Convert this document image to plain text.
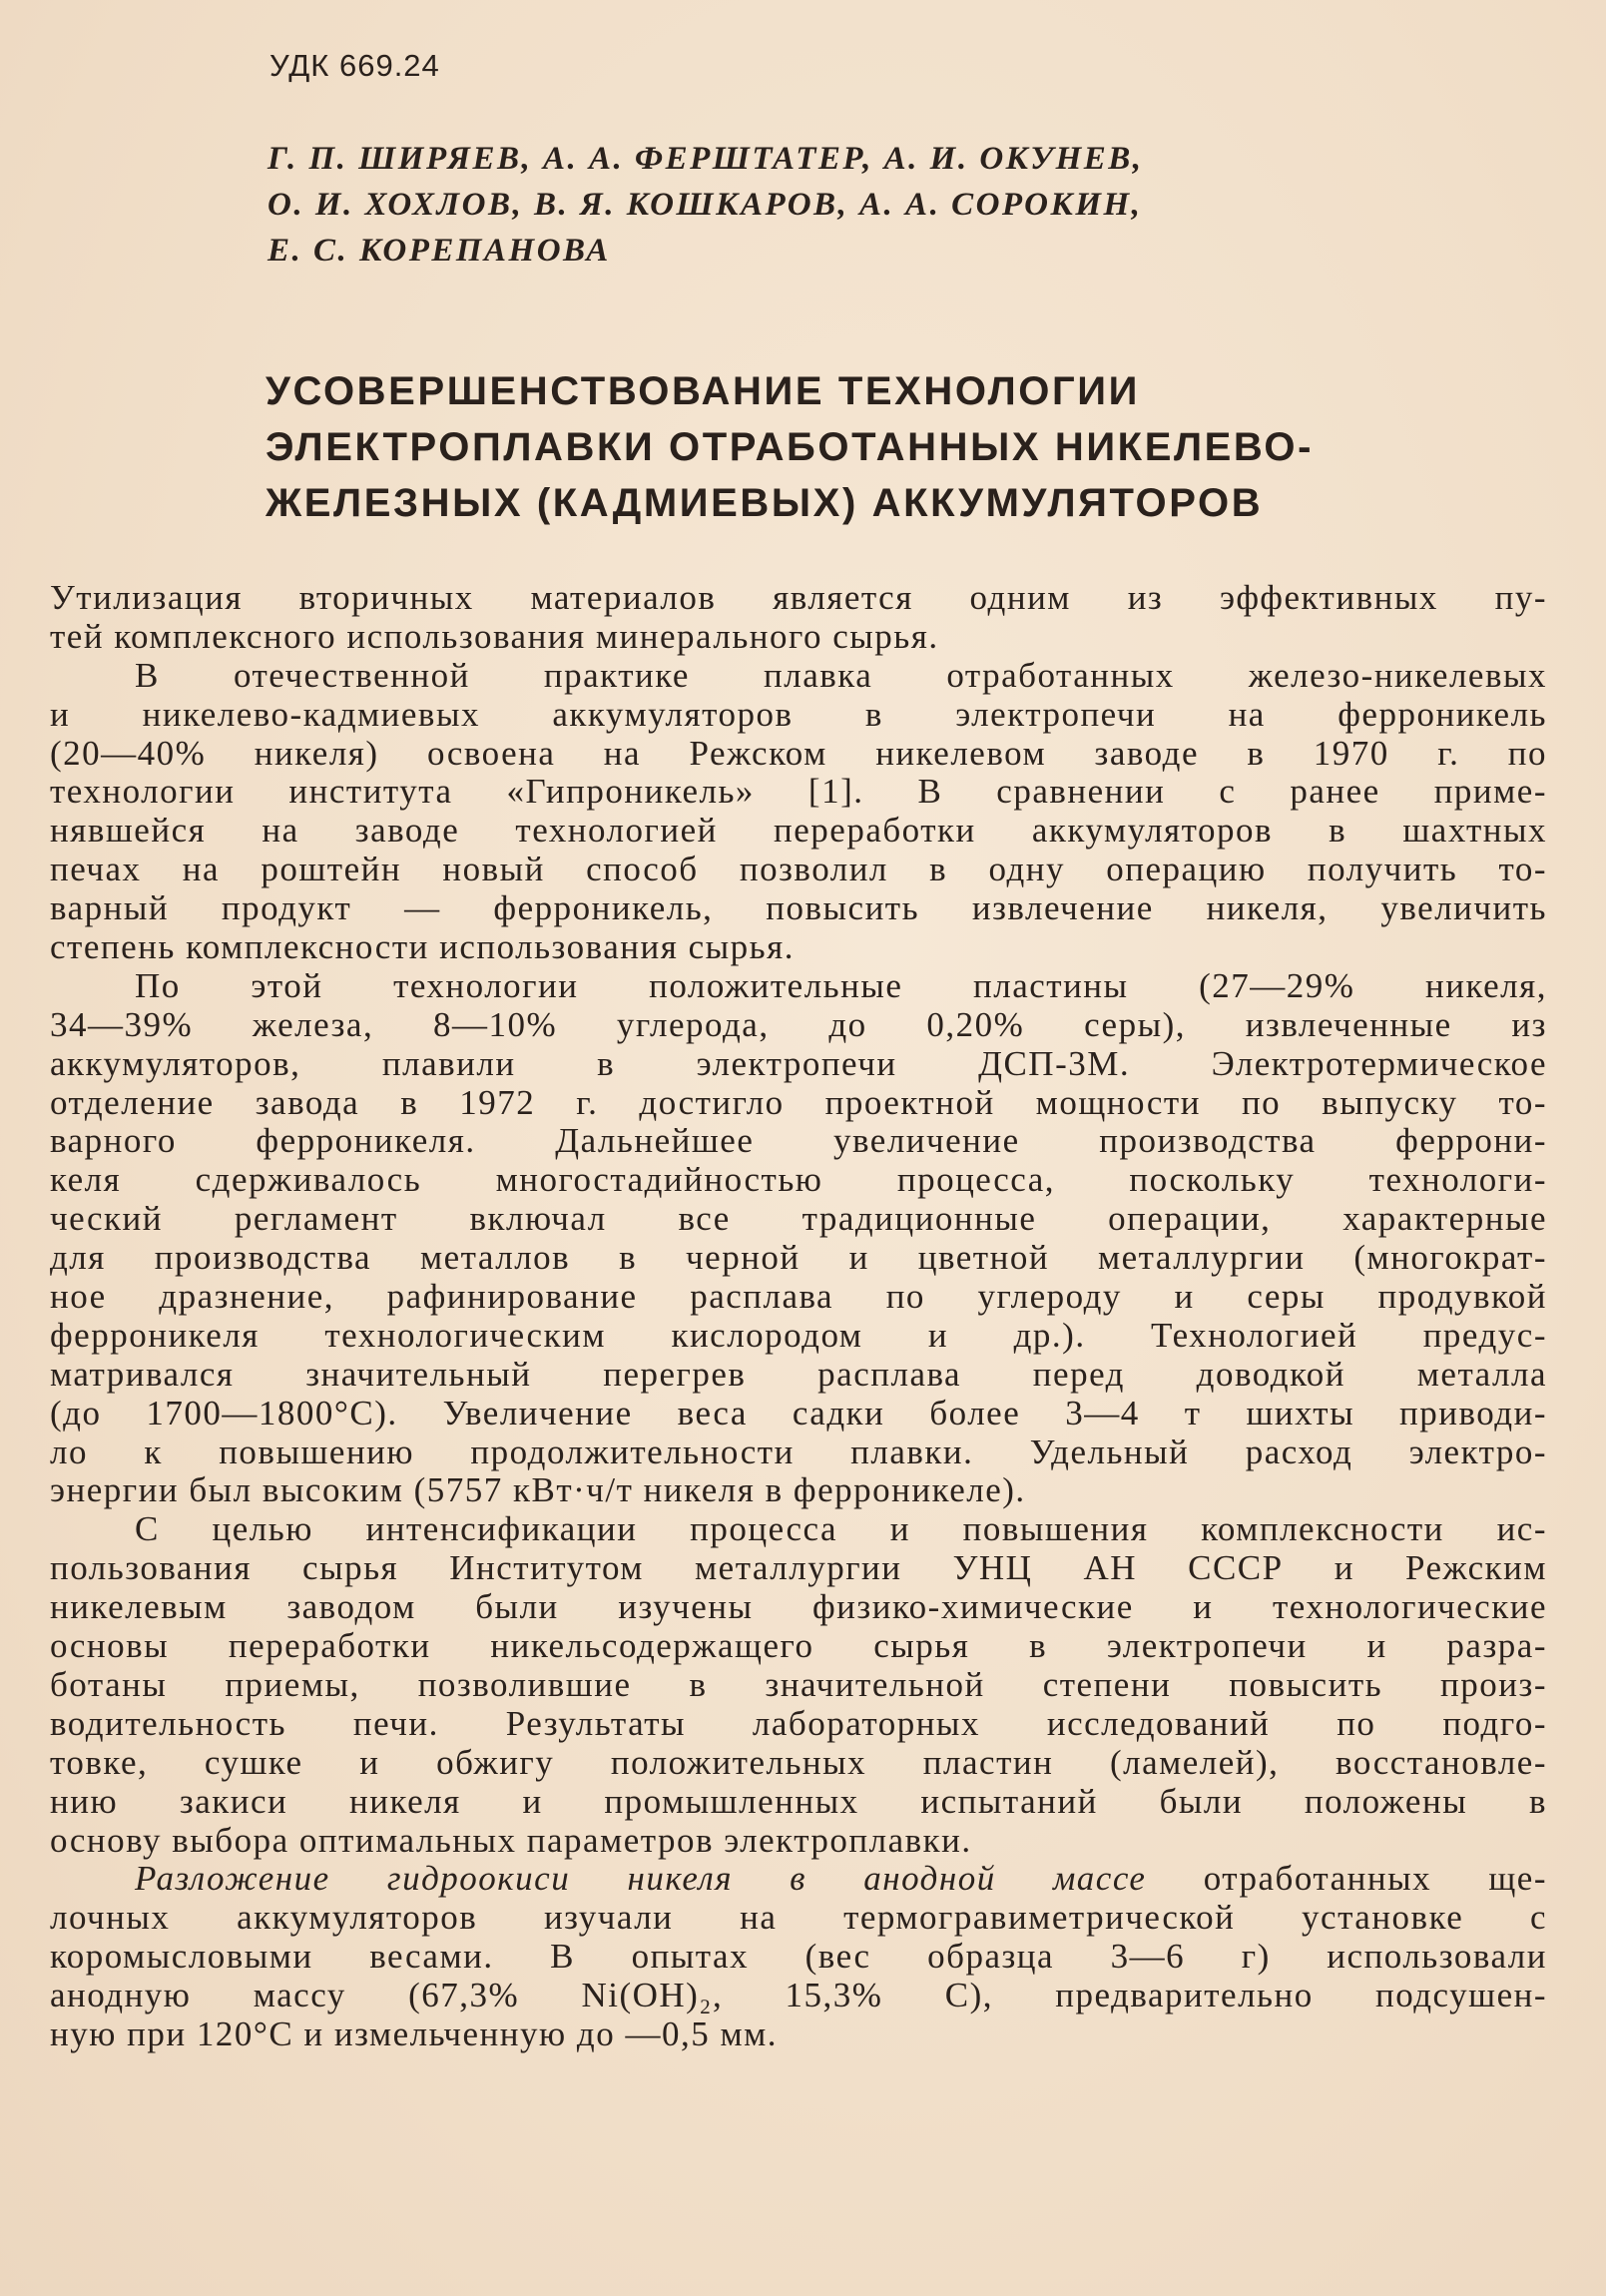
УДК 669.24
Г. П. ШИРЯЕВ, А. А. ФЕРШТАТЕР, А. И. ОКУНЕВ,
О. И. ХОХЛОВ, В. Я. КОШКАРОВ, А. А. СОРОКИН,
Е. С. КОРЕПАНОВА
УСОВЕРШЕНСТВОВАНИЕ ТЕХНОЛОГИИ
ЭЛЕКТРОПЛАВКИ ОТРАБОТАННЫХ НИКЕЛЕВО-
ЖЕЛЕЗНЫХ (КАДМИЕВЫХ) АККУМУЛЯТОРОВ
Утилизация вторичных материалов является одним из эффективных пу-
тей комплексного использования минерального сырья.
В отечественной практике плавка отработанных железо-никелевых
и никелево-кадмиевых аккумуляторов в электропечи на ферроникель
(20—40% никеля) освоена на Режском никелевом заводе в 1970 г. по
технологии института «Гипроникель» [1]. В сравнении с ранее приме-
нявшейся на заводе технологией переработки аккумуляторов в шахтных
печах на роштейн новый способ позволил в одну операцию получить то-
варный продукт — ферроникель, повысить извлечение никеля, увеличить
степень комплексности использования сырья.
По этой технологии положительные пластины (27—29% никеля,
34—39% железа, 8—10% углерода, до 0,20% серы), извлеченные из
аккумуляторов, плавили в электропечи ДСП-3М. Электротермическое
отделение завода в 1972 г. достигло проектной мощности по выпуску то-
варного ферроникеля. Дальнейшее увеличение производства феррони-
келя сдерживалось многостадийностью процесса, поскольку технологи-
ческий регламент включал все традиционные операции, характерные
для производства металлов в черной и цветной металлургии (многократ-
ное дразнение, рафинирование расплава по углероду и серы продувкой
ферроникеля технологическим кислородом и др.). Технологией предус-
матривался значительный перегрев расплава перед доводкой металла
(до 1700—1800°С). Увеличение веса садки более 3—4 т шихты приводи-
ло к повышению продолжительности плавки. Удельный расход электро-
энергии был высоким (5757 кВт·ч/т никеля в ферроникеле).
С целью интенсификации процесса и повышения комплексности ис-
пользования сырья Институтом металлургии УНЦ АН СССР и Режским
никелевым заводом были изучены физико-химические и технологические
основы переработки никельсодержащего сырья в электропечи и разра-
ботаны приемы, позволившие в значительной степени повысить произ-
водительность печи. Результаты лабораторных исследований по подго-
товке, сушке и обжигу положительных пластин (ламелей), восстановле-
нию закиси никеля и промышленных испытаний были положены в
основу выбора оптимальных параметров электроплавки.
Разложение гидроокиси никеля в анодной массе отработанных ще-
лочных аккумуляторов изучали на термогравиметрической установке с
коромысловыми весами. В опытах (вес образца 3—6 г) использовали
анодную массу (67,3% Ni(OH)₂, 15,3% С), предварительно подсушен-
ную при 120°С и измельченную до —0,5 мм.
